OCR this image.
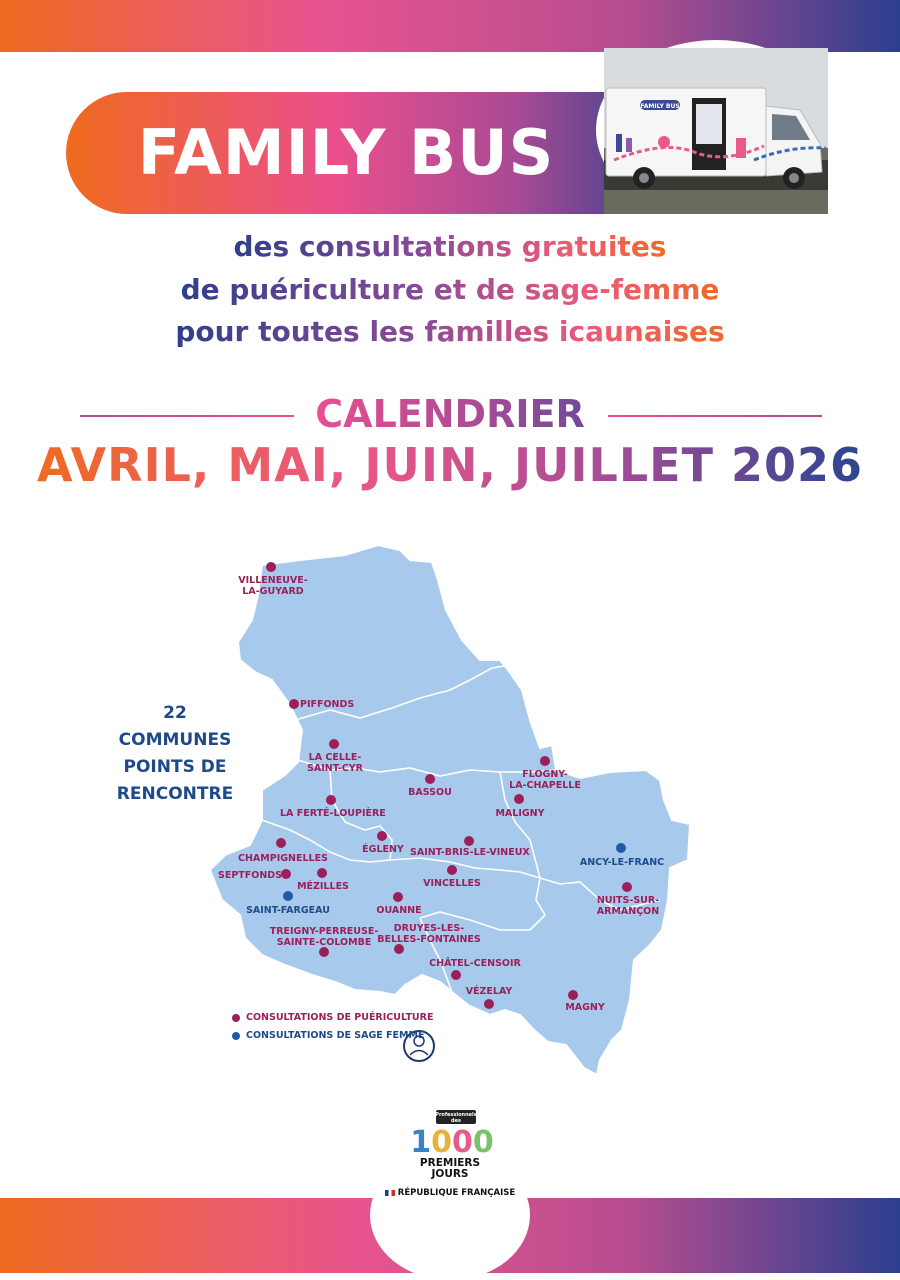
FAMILY BUS
FAMILY BUS
des consultations gratuites
de puériculture et de sage-femme
pour toutes les familles icaunaises
CALENDRIER
AVRIL, MAI, JUIN, JUILLET 2026
22
COMMUNES
POINTS DE
RENCONTRE
VILLENEUVE-
LA-GUYARD
PIFFONDS
LA CELLE-
SAINT-CYR
BASSOU
FLOGNY-
LA-CHAPELLE
MALIGNY
LA FERTÉ-LOUPIÈRE
ÉGLENY SAINT-BRIS-LE-VINEUX
CHAMPIGNELLES
SEPTFONDS
MÉZILLES	VINCELLES
ANCY-LE-FRANC
SAINT-FARGEAU	OUANNE
NUITS-SUR-
ARMANÇON
TREIGNY-PERREUSE-
SAINTE-COLOMBE
DRUYES-LES-
BELLES-FONTAINES
CHÂTEL-CENSOIR
VÉZELAY
MAGNY
CONSULTATIONS DE PUÉRICULTURE
CONSULTATIONS DE SAGE FEMME
Professionnels
des
1000
PREMIERS
JOURS
RÉPUBLIQUE FRANÇAISE
